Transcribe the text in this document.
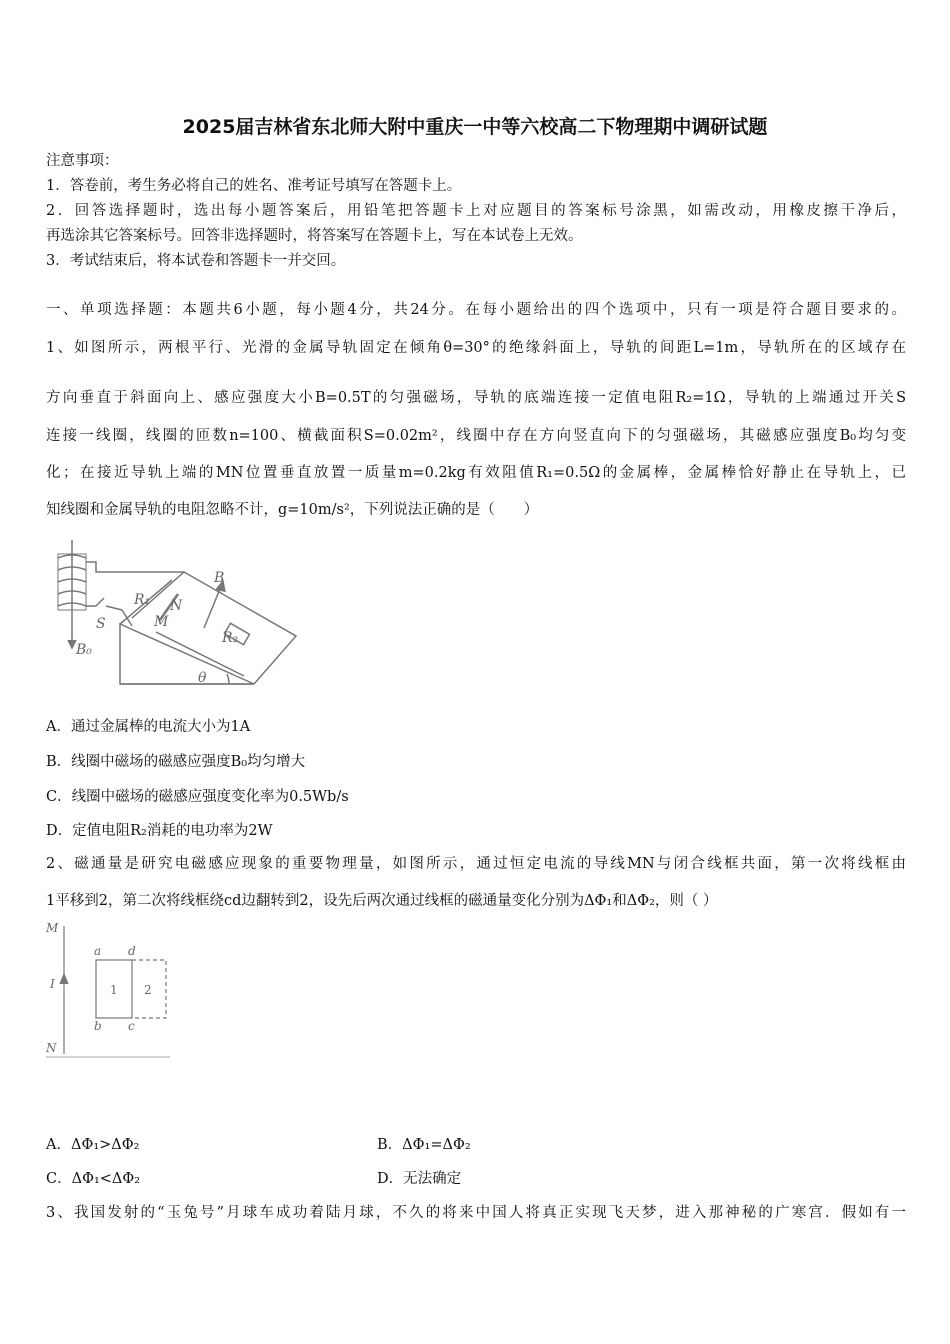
2025届吉林省东北师大附中重庆一中等六校高二下物理期中调研试题
注意事项：
1．答卷前，考生务必将自己的姓名、准考证号填写在答题卡上。
2．回答选择题时，选出每小题答案后，用铅笔把答题卡上对应题目的答案标号涂黑，如需改动，用橡皮擦干净后，
再选涂其它答案标号。回答非选择题时，将答案写在答题卡上，写在本试卷上无效。
3．考试结束后，将本试卷和答题卡一并交回。
一、单项选择题：本题共6小题，每小题4分，共24分。在每小题给出的四个选项中，只有一项是符合题目要求的。
1、如图所示，两根平行、光滑的金属导轨固定在倾角θ=30°的绝缘斜面上，导轨的间距L=1m，导轨所在的区域存在
方向垂直于斜面向上、感应强度大小B=0.5T的匀强磁场，导轨的底端连接一定值电阻R₂=1Ω，导轨的上端通过开关S
连接一线圈，线圈的匝数n=100、横截面积S=0.02m²，线圈中存在方向竖直向下的匀强磁场，其磁感应强度B₀均匀变
化；在接近导轨上端的MN位置垂直放置一质量m=0.2kg有效阻值R₁=0.5Ω的金属棒，金属棒恰好静止在导轨上，已
知线圈和金属导轨的电阻忽略不计，g=10m/s²，下列说法正确的是（　　）
B₀
S
R₁
M
N
B
R₂
θ
A．通过金属棒的电流大小为1A
B．线圈中磁场的磁感应强度B₀均匀增大
C．线圈中磁场的磁感应强度变化率为0.5Wb/s
D．定值电阻R₂消耗的电功率为2W
2、磁通量是研究电磁感应现象的重要物理量，如图所示，通过恒定电流的导线MN与闭合线框共面，第一次将线框由
1平移到2，第二次将线框绕cd边翻转到2，设先后两次通过线框的磁通量变化分别为ΔΦ₁和ΔΦ₂，则（ ）
M
N
I
a d
b c
1 2
A．ΔΦ₁>ΔΦ₂	B．ΔΦ₁=ΔΦ₂
C．ΔΦ₁<ΔΦ₂	D．无法确定
3、我国发射的“玉兔号”月球车成功着陆月球，不久的将来中国人将真正实现飞天梦，进入那神秘的广寒宫．假如有一
